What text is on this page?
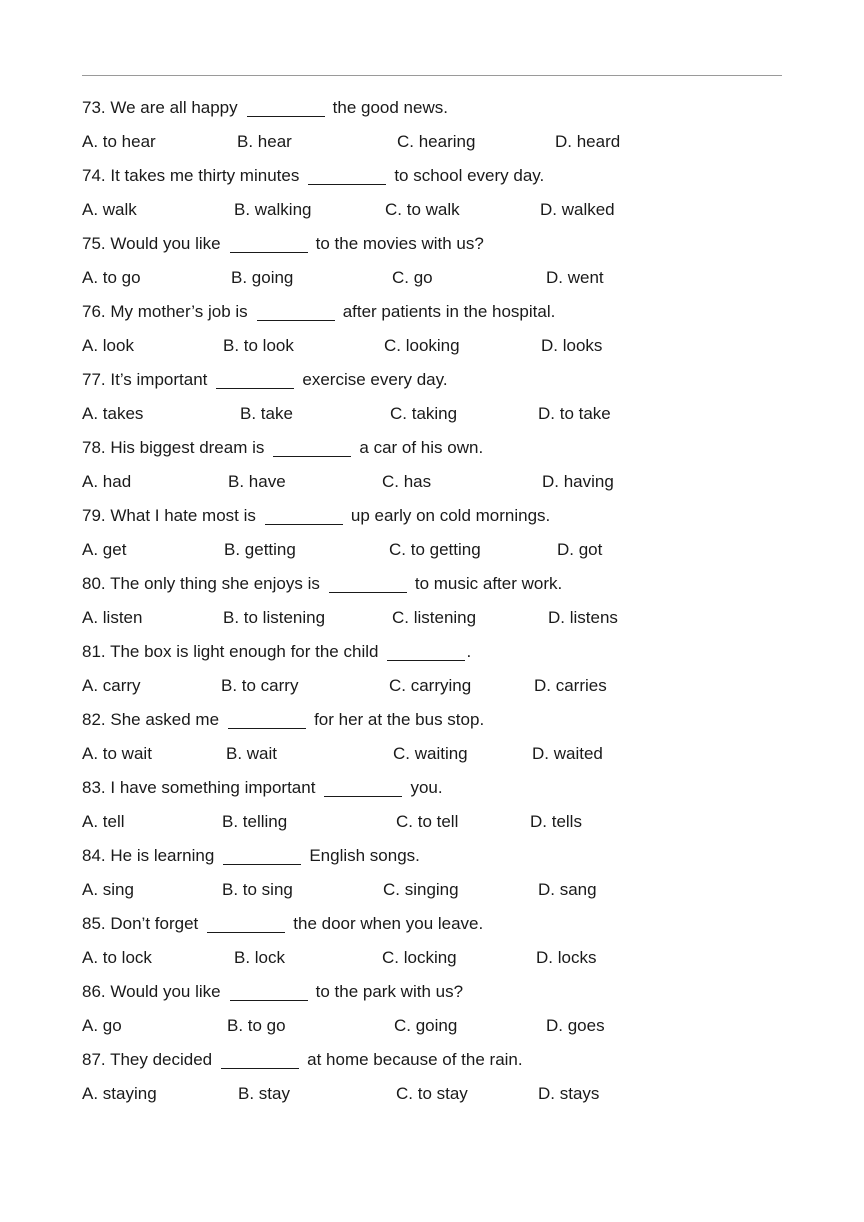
73. We are all happy	the good news.
A. to hear	B. hear	C. hearing	D. heard
74. It takes me thirty minutes	to school every day.
A. walk	B. walking	C. to walk	D. walked
75. Would you like	to the movies with us?
A. to go	B. going	C. go	D. went
76. My mother’s job is	after patients in the hospital.
A. look	B. to look	C. looking	D. looks
77. It’s important	exercise every day.
A. takes	B. take	C. taking	D. to take
78. His biggest dream is	a car of his own.
A. had	B. have	C. has	D. having
79. What I hate most is	up early on cold mornings.
A. get	B. getting	C. to getting	D. got
80. The only thing she enjoys is	to music after work.
A. listen	B. to listening	C. listening	D. listens
81. The box is light enough for the child	.
A. carry	B. to carry	C. carrying	D. carries
82. She asked me	for her at the bus stop.
A. to wait	B. wait	C. waiting	D. waited
83. I have something important	you.
A. tell	B. telling	C. to tell	D. tells
84. He is learning	English songs.
A. sing	B. to sing	C. singing	D. sang
85. Don’t forget	the door when you leave.
A. to lock	B. lock	C. locking	D. locks
86. Would you like	to the park with us?
A. go	B. to go	C. going	D. goes
87. They decided	at home because of the rain.
A. staying	B. stay	C. to stay	D. stays
